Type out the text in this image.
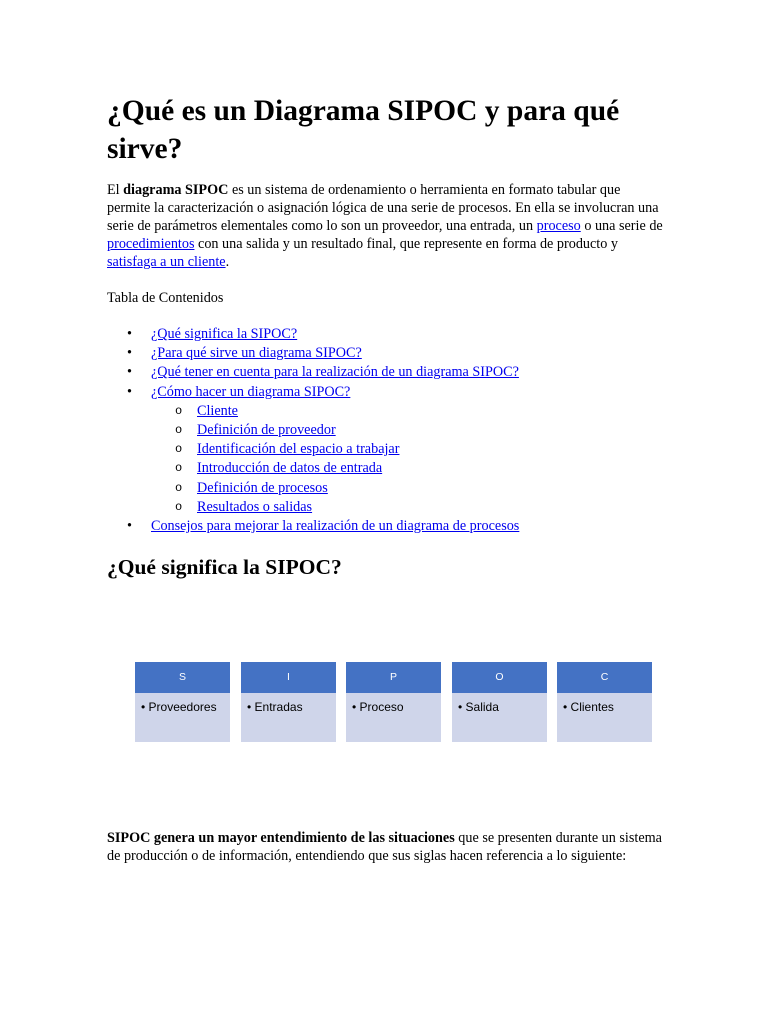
¿Qué es un Diagrama SIPOC y para qué sirve?

El diagrama SIPOC es un sistema de ordenamiento o herramienta en formato tabular que permite la caracterización o asignación lógica de una serie de procesos. En ella se involucran una serie de parámetros elementales como lo son un proveedor, una entrada, un proceso o una serie de procedimientos con una salida y un resultado final, que represente en forma de producto y satisfaga a un cliente.

Tabla de Contenidos

• ¿Qué significa la SIPOC?
• ¿Para qué sirve un diagrama SIPOC?
• ¿Qué tener en cuenta para la realización de un diagrama SIPOC?
• ¿Cómo hacer un diagrama SIPOC?
o Cliente
o Definición de proveedor
o Identificación del espacio a trabajar
o Introducción de datos de entrada
o Definición de procesos
o Resultados o salidas
• Consejos para mejorar la realización de un diagrama de procesos
¿Qué significa la SIPOC?

SIPOC genera un mayor entendimiento de las situaciones que se presenten durante un sistema de producción o de información, entendiendo que sus siglas hacen referencia a lo siguiente:

S
• Proveedores
I
• Entradas
P
• Proceso
O
• Salida
C
• Clientes
